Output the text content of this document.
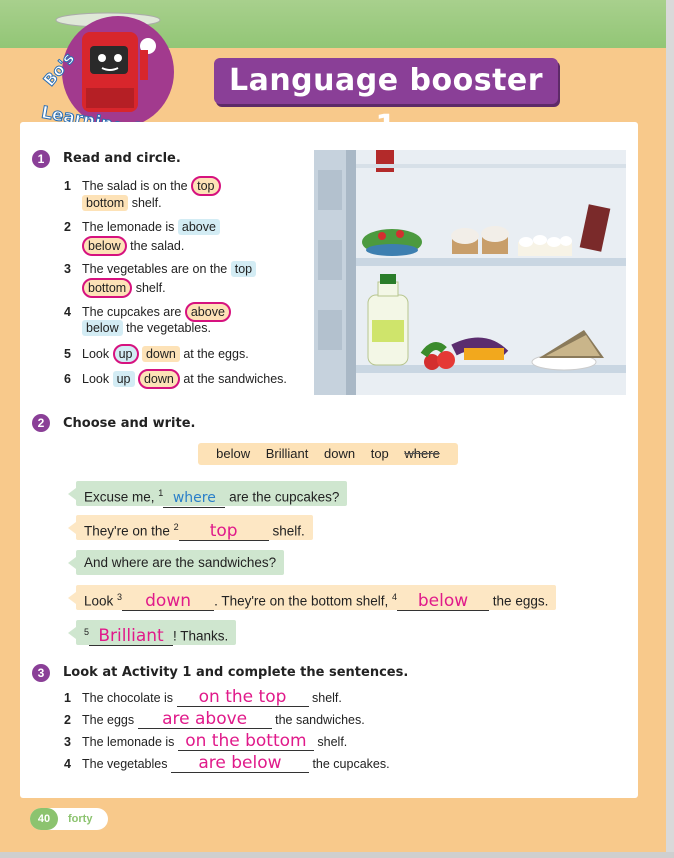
Bo's	Language booster
1	Read and circle.
1 The salad is on the top
bottom shelf.
2 The lemonade is above
below the salad.
3 The vegetables are on the top
bottom shelf.
4 The cupcakes are above
below the vegetables.
5 Look up down at the eggs.
6 Look up down at the sandwiches.
2	Choose and write.
below Brilliant down top where
Excuse me, $^1$ where are the cupcakes?
They're on the $^2$ top	shelf.
And where are the sandwiches?
Look $^3$ down . They're on the bottom shelf, $^4$ below the eggs.
$^5$ Brilliant ! Thanks.
3	Look at Activity 1 and complete the sentences.
1 The chocolate is on the top shelf.
2 The eggs are above the sandwiches.
3 The lemonade is on the bottom shelf.
4 The vegetables are below the cupcakes.
40	forty
